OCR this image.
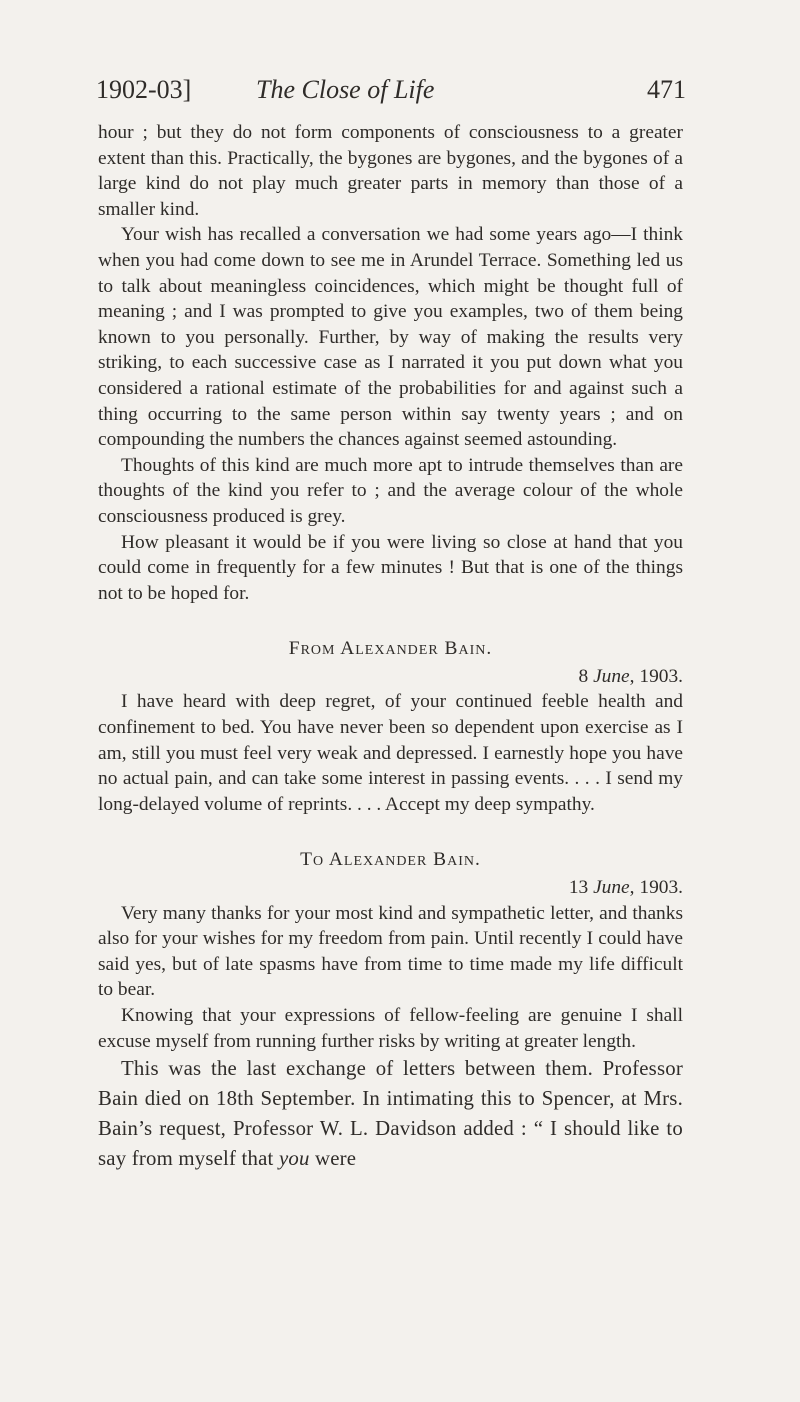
1902-03] The Close of Life	471

hour ; but they do not form components of consciousness to a greater extent than this. Practically, the bygones are bygones, and the bygones of a large kind do not play much greater parts in memory than those of a smaller kind.

Your wish has recalled a conversation we had some years ago—I think when you had come down to see me in Arundel Terrace. Something led us to talk about meaningless coincidences, which might be thought full of meaning ; and I was prompted to give you examples, two of them being known to you personally. Further, by way of making the results very striking, to each successive case as I narrated it you put down what you considered a rational estimate of the probabilities for and against such a thing occurring to the same person within say twenty years ; and on compounding the numbers the chances against seemed astounding.

Thoughts of this kind are much more apt to intrude themselves than are thoughts of the kind you refer to ; and the average colour of the whole consciousness produced is grey.

How pleasant it would be if you were living so close at hand that you could come in frequently for a few minutes ! But that is one of the things not to be hoped for.

From Alexander Bain.

8 June, 1903.

I have heard with deep regret, of your continued feeble health and confinement to bed. You have never been so dependent upon exercise as I am, still you must feel very weak and depressed. I earnestly hope you have no actual pain, and can take some interest in passing events. . . . I send my long-delayed volume of reprints. . . . Accept my deep sympathy.

To Alexander Bain.

13 June, 1903.

Very many thanks for your most kind and sympathetic letter, and thanks also for your wishes for my freedom from pain. Until recently I could have said yes, but of late spasms have from time to time made my life difficult to bear.

Knowing that your expressions of fellow-feeling are genuine I shall excuse myself from running further risks by writing at greater length.

This was the last exchange of letters between them. Professor Bain died on 18th September. In intimating this to Spencer, at Mrs. Bain’s request, Professor W. L. Davidson added : “ I should like to say from myself that you were
